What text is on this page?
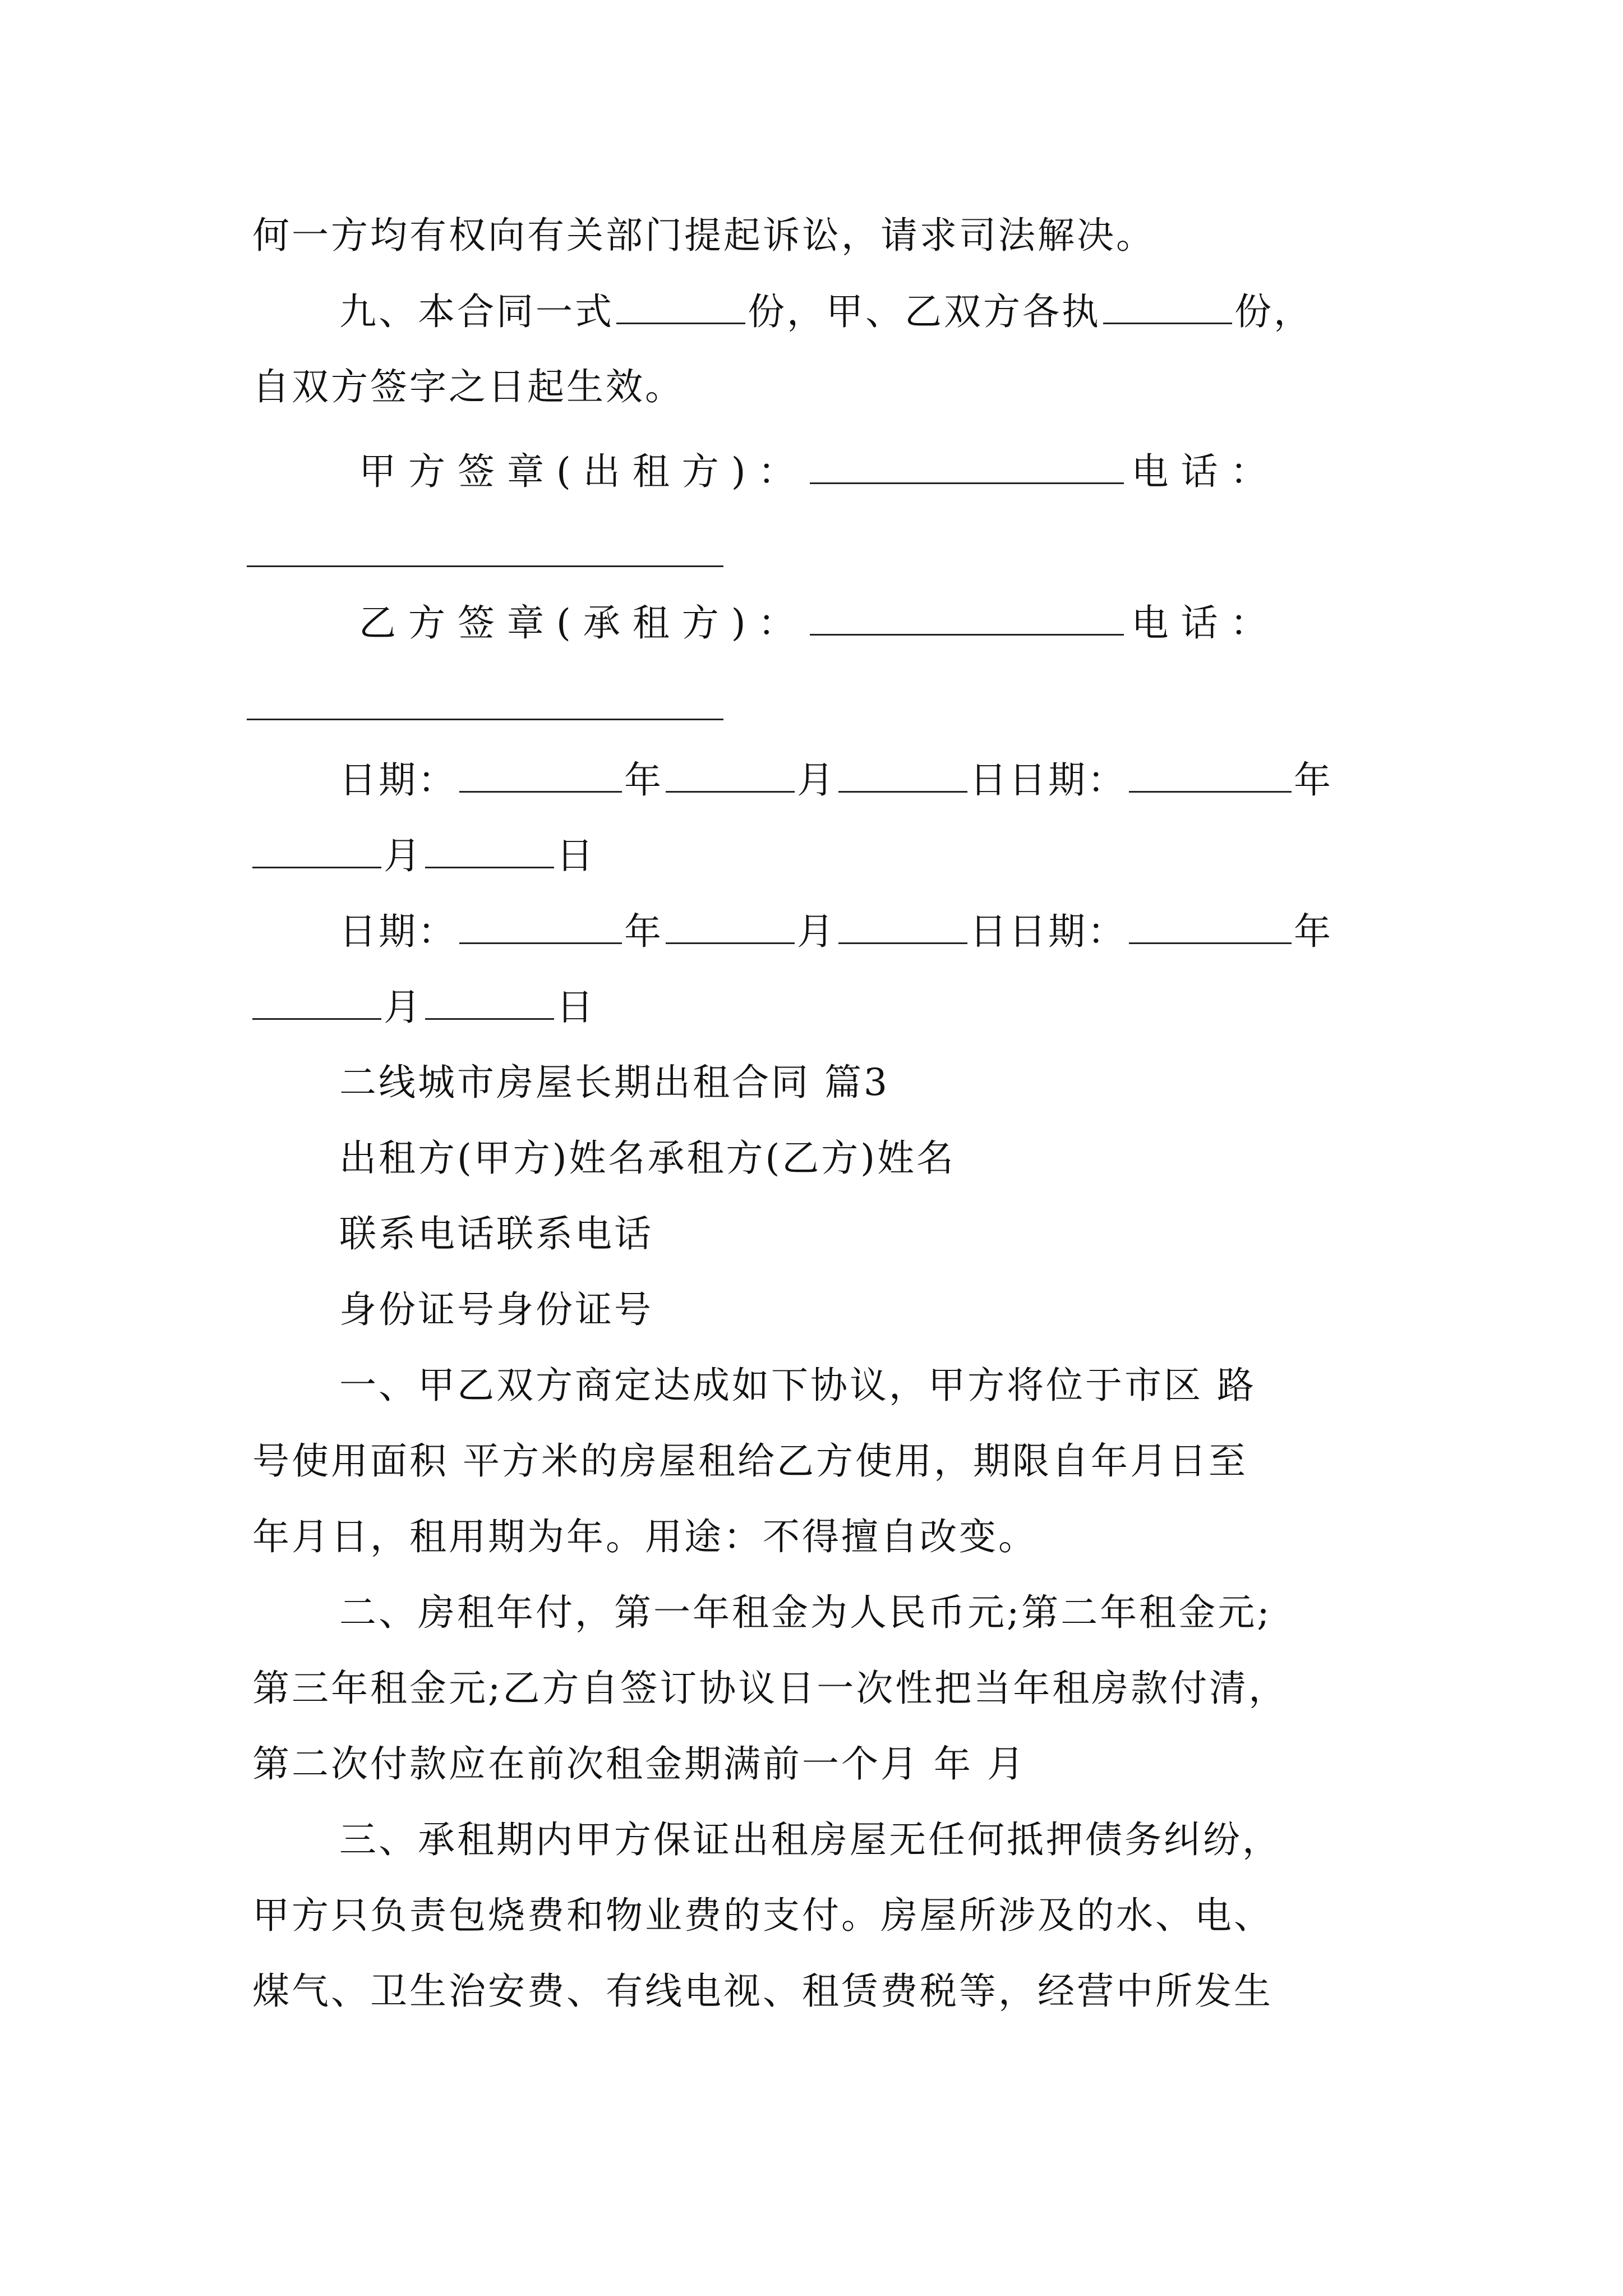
何一方均有权向有关部门提起诉讼，请求司法解决。
九、本合同一式	份，甲、乙双方各执	份，
自双方签字之日起生效。
甲方签章(出租方)：	电话：
乙方签章(承租方)：	电话：
日期：	年	月	日日期：	年
月	日
日期：	年	月	日日期：	年
月	日
二线城市房屋长期出租合同 篇3
出租方(甲方)姓名承租方(乙方)姓名
联系电话联系电话
身份证号身份证号
一、甲乙双方商定达成如下协议，甲方将位于市区 路
号使用面积 平方米的房屋租给乙方使用，期限自年月日至
年月日，租用期为年。用途：不得擅自改变。
二、房租年付，第一年租金为人民币元;第二年租金元;
第三年租金元;乙方自签订协议日一次性把当年租房款付清，
第二次付款应在前次租金期满前一个月 年 月
三、承租期内甲方保证出租房屋无任何抵押债务纠纷，
甲方只负责包烧费和物业费的支付。房屋所涉及的水、电、
煤气、卫生治安费、有线电视、租赁费税等，经营中所发生
